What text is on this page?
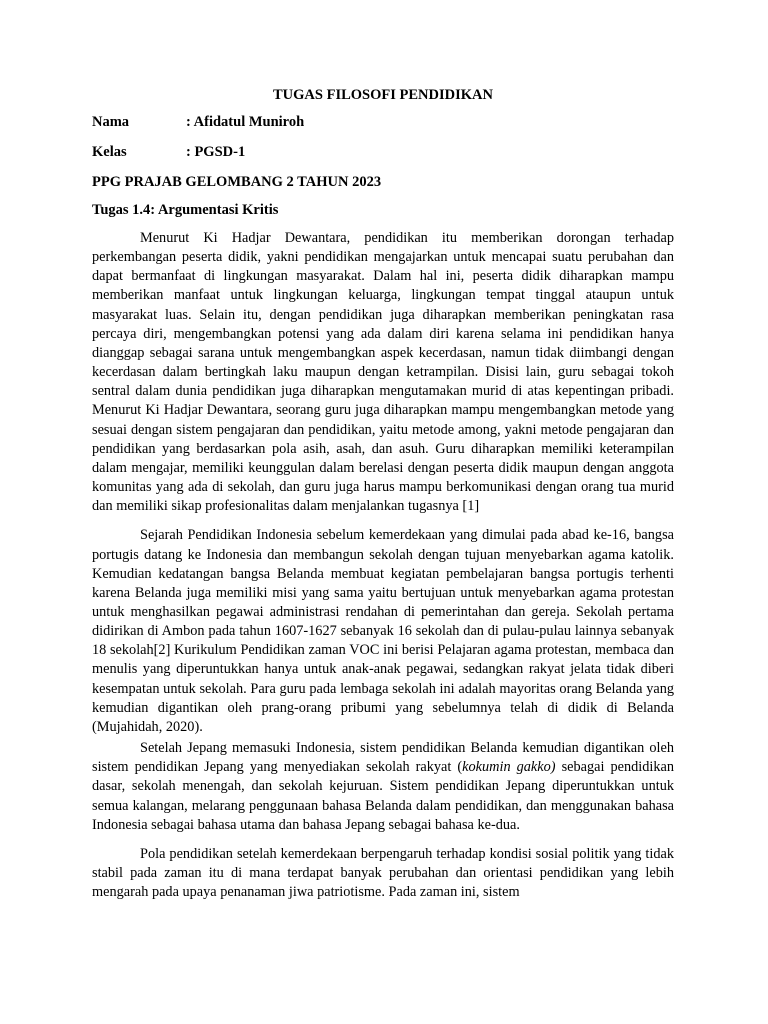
TUGAS FILOSOFI PENDIDIKAN
Nama	: Afidatul Muniroh
Kelas	: PGSD-1
PPG PRAJAB GELOMBANG 2 TAHUN 2023
Tugas 1.4: Argumentasi Kritis

Menurut Ki Hadjar Dewantara, pendidikan itu memberikan dorongan terhadap perkembangan peserta didik, yakni pendidikan mengajarkan untuk mencapai suatu perubahan dan dapat bermanfaat di lingkungan masyarakat. Dalam hal ini, peserta didik diharapkan mampu memberikan manfaat untuk lingkungan keluarga, lingkungan tempat tinggal ataupun untuk masyarakat luas. Selain itu, dengan pendidikan juga diharapkan memberikan peningkatan rasa percaya diri, mengembangkan potensi yang ada dalam diri karena selama ini pendidikan hanya dianggap sebagai sarana untuk mengembangkan aspek kecerdasan, namun tidak diimbangi dengan kecerdasan dalam bertingkah laku maupun dengan ketrampilan. Disisi lain, guru sebagai tokoh sentral dalam dunia pendidikan juga diharapkan mengutamakan murid di atas kepentingan pribadi. Menurut Ki Hadjar Dewantara, seorang guru juga diharapkan mampu mengembangkan metode yang sesuai dengan sistem pengajaran dan pendidikan, yaitu metode among, yakni metode pengajaran dan pendidikan yang berdasarkan pola asih, asah, dan asuh. Guru diharapkan memiliki keterampilan dalam mengajar, memiliki keunggulan dalam berelasi dengan peserta didik maupun dengan anggota komunitas yang ada di sekolah, dan guru juga harus mampu berkomunikasi dengan orang tua murid dan memiliki sikap profesionalitas dalam menjalankan tugasnya [1]

Sejarah Pendidikan Indonesia sebelum kemerdekaan yang dimulai pada abad ke-16, bangsa portugis datang ke Indonesia dan membangun sekolah dengan tujuan menyebarkan agama katolik. Kemudian kedatangan bangsa Belanda membuat kegiatan pembelajaran bangsa portugis terhenti karena Belanda juga memiliki misi yang sama yaitu bertujuan untuk menyebarkan agama protestan untuk menghasilkan pegawai administrasi rendahan di pemerintahan dan gereja. Sekolah pertama didirikan di Ambon pada tahun 1607-1627 sebanyak 16 sekolah dan di pulau-pulau lainnya sebanyak 18 sekolah[2] Kurikulum Pendidikan zaman VOC ini berisi Pelajaran agama protestan, membaca dan menulis yang diperuntukkan hanya untuk anak-anak pegawai, sedangkan rakyat jelata tidak diberi kesempatan untuk sekolah. Para guru pada lembaga sekolah ini adalah mayoritas orang Belanda yang kemudian digantikan oleh prang-orang pribumi yang sebelumnya telah di didik di Belanda (Mujahidah, 2020).

Setelah Jepang memasuki Indonesia, sistem pendidikan Belanda kemudian digantikan oleh sistem pendidikan Jepang yang menyediakan sekolah rakyat (kokumin gakko) sebagai pendidikan dasar, sekolah menengah, dan sekolah kejuruan. Sistem pendidikan Jepang diperuntukkan untuk semua kalangan, melarang penggunaan bahasa Belanda dalam pendidikan, dan menggunakan bahasa Indonesia sebagai bahasa utama dan bahasa Jepang sebagai bahasa ke-dua.

Pola pendidikan setelah kemerdekaan berpengaruh terhadap kondisi sosial politik yang tidak stabil pada zaman itu di mana terdapat banyak perubahan dan orientasi pendidikan yang lebih mengarah pada upaya penanaman jiwa patriotisme. Pada zaman ini, sistem
